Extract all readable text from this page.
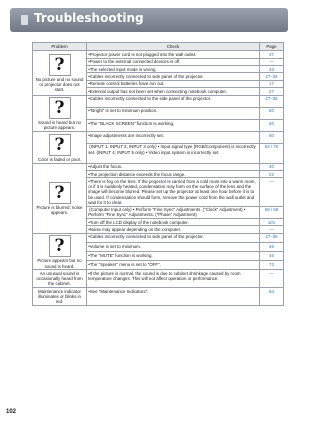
Troubleshooting
Problem	Check	Page

?
No picture and no sound or projector does not start.	• Projector power cord is not plugged into the wall outlet.	37
	• Power to the external connected devices is off.	—
	• The selected input mode is wrong.	43
	• Cables incorrectly connected to side panel of the projector.	27–36
	• Remote control batteries have run out.	17
	• External output has not been set when connecting notebook computer.	27

?
Sound is heard but no picture appears.	• Cables incorrectly connected to the side panel of the projector.	27–36
	• "Bright" is set to minimum position.	60
	• The "BLACK SCREEN" function is working.	50

?
Color is faded or poor.	• Image adjustments are incorrectly set.	60
	(INPUT 1, INPUT 2, INPUT 3 only) • Input signal type (RGB/Component) is incorrectly set. (INPUT 4, INPUT 5 only) • Video input system is incorrectly set.	63 / 76

?
Picture is blurred; noise appears.	• Adjust the focus.	40
	• The projection distance exceeds the focus range.	22
	• There is fog on the lens. If the projector is carried from a cold room into a warm room, or if it is suddenly heated, condensation may form on the surface of the lens and the image will become blurred. Please set up the projector at least one hour before it is to be used. If condensation should form, remove the power cord from the wall outlet and wait for it to clear.	—
	(Computer Input only) • Perform "Fine Sync" Adjustments. ("Clock" Adjustment) • Perform "Fine Sync" Adjustments. ("Phase" Adjustment)	68 / 68
	• Turn off the LCD display of the notebook computer.	101
	• Noise may appear depending on the computer.	—

?
Picture appears but no sound is heard.	• Cables incorrectly connected to side panel of the projector.	27–36
	• Volume is set to minimum.	46
	• The "MUTE" function is working.	46
	• The "Speaker" menu is set to "OFF".	73
An unusual sound is occasionally heard from the cabinet.	• If the picture is normal, the sound is due to cabinet shrinkage caused by room temperature changes. This will not affect operation or performance.	—
Maintenance indicator illuminates or blinks in red.	• See "Maintenance Indicators".	94
102
